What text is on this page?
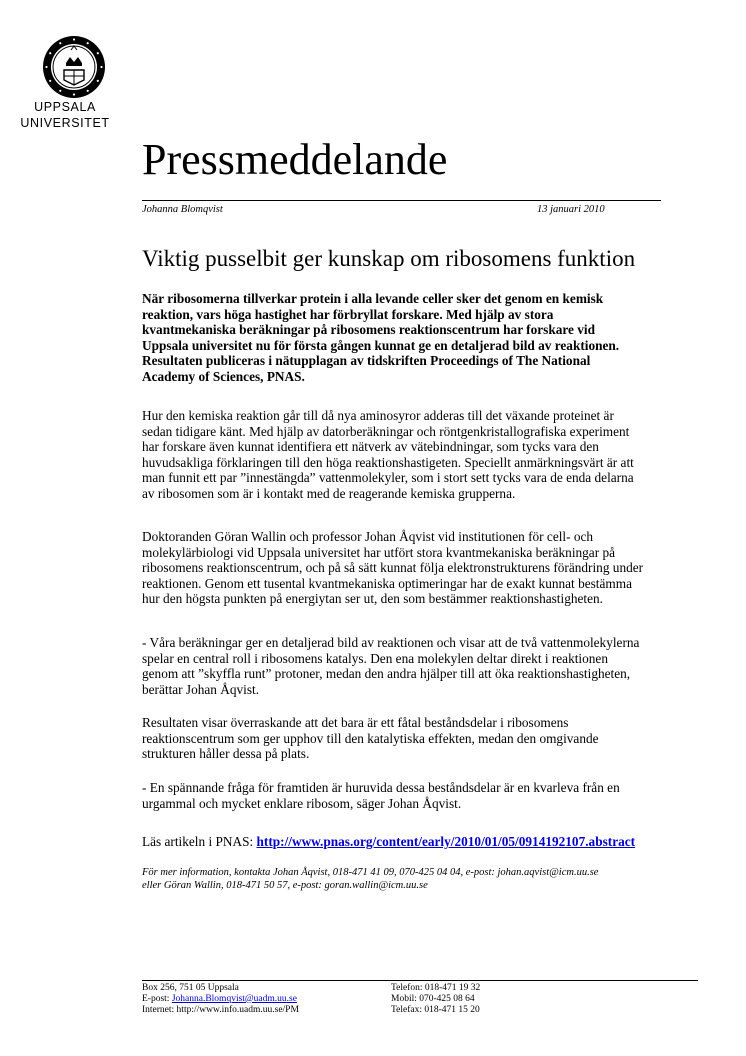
UPPSALA
UNIVERSITET
Pressmeddelande
Johanna Blomqvist	13 januari 2010
Viktig pusselbit ger kunskap om ribosomens funktion

När ribosomerna tillverkar protein i alla levande celler sker det genom en kemisk
reaktion, vars höga hastighet har förbryllat forskare. Med hjälp av stora
kvantmekaniska beräkningar på ribosomens reaktionscentrum har forskare vid
Uppsala universitet nu för första gången kunnat ge en detaljerad bild av reaktionen.
Resultaten publiceras i nätupplagan av tidskriften Proceedings of The National
Academy of Sciences, PNAS.

Hur den kemiska reaktion går till då nya aminosyror adderas till det växande proteinet är
sedan tidigare känt. Med hjälp av datorberäkningar och röntgenkristallografiska experiment
har forskare även kunnat identifiera ett nätverk av vätebindningar, som tycks vara den
huvudsakliga förklaringen till den höga reaktionshastigeten. Speciellt anmärkningsvärt är att
man funnit ett par ”innestängda” vattenmolekyler, som i stort sett tycks vara de enda delarna
av ribosomen som är i kontakt med de reagerande kemiska grupperna.

Doktoranden Göran Wallin och professor Johan Åqvist vid institutionen för cell- och
molekylärbiologi vid Uppsala universitet har utfört stora kvantmekaniska beräkningar på
ribosomens reaktionscentrum, och på så sätt kunnat följa elektronstrukturens förändring under
reaktionen. Genom ett tusental kvantmekaniska optimeringar har de exakt kunnat bestämma
hur den högsta punkten på energiytan ser ut, den som bestämmer reaktionshastigheten.

- Våra beräkningar ger en detaljerad bild av reaktionen och visar att de två vattenmolekylerna
spelar en central roll i ribosomens katalys. Den ena molekylen deltar direkt i reaktionen
genom att ”skyffla runt” protoner, medan den andra hjälper till att öka reaktionshastigheten,
berättar Johan Åqvist.

Resultaten visar överraskande att det bara är ett fåtal beståndsdelar i ribosomens
reaktionscentrum som ger upphov till den katalytiska effekten, medan den omgivande
strukturen håller dessa på plats.

- En spännande fråga för framtiden är huruvida dessa beståndsdelar är en kvarleva från en
urgammal och mycket enklare ribosom, säger Johan Åqvist.

Läs artikeln i PNAS: http://www.pnas.org/content/early/2010/01/05/0914192107.abstract

För mer information, kontakta Johan Åqvist, 018-471 41 09, 070-425 04 04, e-post: johan.aqvist@icm.uu.se
eller Göran Wallin, 018-471 50 57, e-post: goran.wallin@icm.uu.se
Box 256, 751 05 Uppsala
E-post: Johanna.Blomqvist@uadm.uu.se
Internet: http://www.info.uadm.uu.se/PM
Telefon: 018-471 19 32
Mobil: 070-425 08 64
Telefax: 018-471 15 20
